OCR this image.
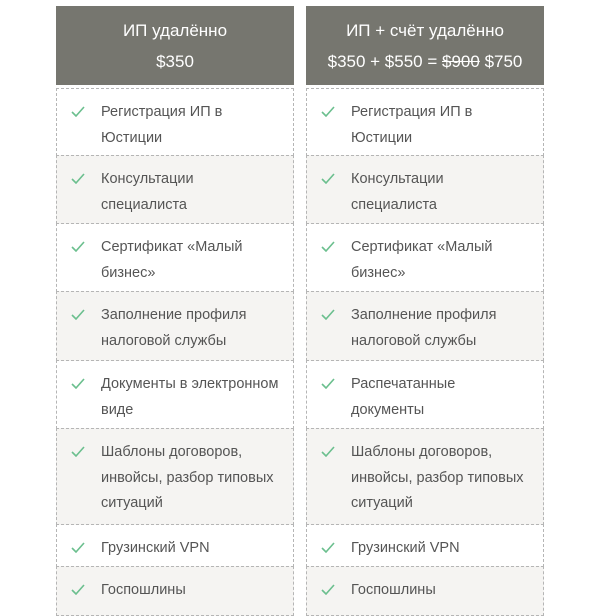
ИП удалённо
$350
Регистрация ИП в Юстиции
Консультации специалиста
Сертификат «Малый бизнес»
Заполнение профиля налоговой службы
Документы в электронном виде
Шаблоны договоров, инвойсы, разбор типовых ситуаций
Грузинский VPN
Госпошлины
ИП + счёт удалённо
$350 + $550 = $900 $750
Регистрация ИП в Юстиции
Консультации специалиста
Сертификат «Малый бизнес»
Заполнение профиля налоговой службы
Распечатанные документы
Шаблоны договоров, инвойсы, разбор типовых ситуаций
Грузинский VPN
Госпошлины
